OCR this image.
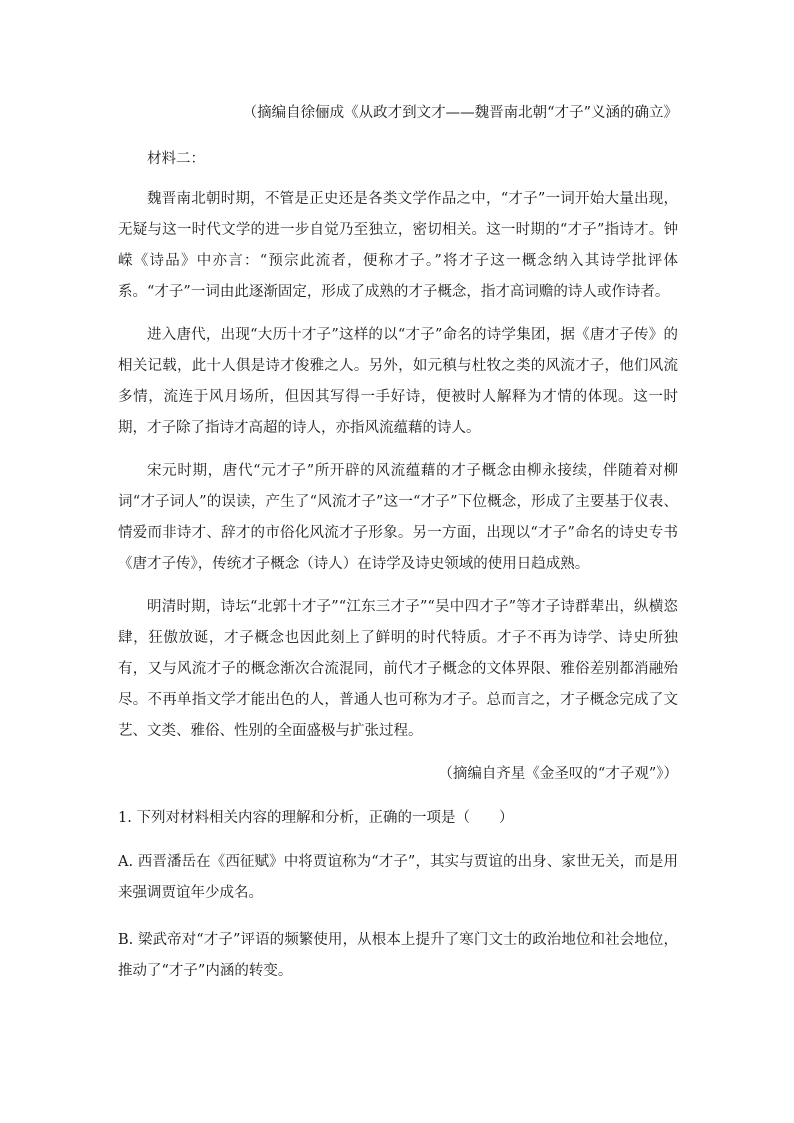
（摘编自徐俪成《从政才到文才——魏晋南北朝“才子”义涵的确立》

材料二：

魏晋南北朝时期，不管是正史还是各类文学作品之中，“才子”一词开始大量出现，无疑与这一时代文学的进一步自觉乃至独立，密切相关。这一时期的“才子”指诗才。钟嵘《诗品》中亦言：“预宗此流者，便称才子。”将才子这一概念纳入其诗学批评体系。“才子”一词由此逐渐固定，形成了成熟的才子概念，指才高词赡的诗人或作诗者。

进入唐代，出现“大历十才子”这样的以“才子”命名的诗学集团，据《唐才子传》的相关记载，此十人俱是诗才俊雅之人。另外，如元稹与杜牧之类的风流才子，他们风流多情，流连于风月场所，但因其写得一手好诗，便被时人解释为才情的体现。这一时期，才子除了指诗才高超的诗人，亦指风流蕴藉的诗人。

宋元时期，唐代“元才子”所开辟的风流蕴藉的才子概念由柳永接续，伴随着对柳词“才子词人”的误读，产生了“风流才子”这一“才子”下位概念，形成了主要基于仪表、情爱而非诗才、辞才的市俗化风流才子形象。另一方面，出现以“才子”命名的诗史专书《唐才子传》，传统才子概念（诗人）在诗学及诗史领域的使用日趋成熟。

明清时期，诗坛“北郭十才子”“江东三才子”“吴中四才子”等才子诗群辈出，纵横恣肆，狂傲放诞，才子概念也因此刻上了鲜明的时代特质。才子不再为诗学、诗史所独有，又与风流才子的概念渐次合流混同，前代才子概念的文体界限、雅俗差别都消融殆尽。不再单指文学才能出色的人，普通人也可称为才子。总而言之，才子概念完成了文艺、文类、雅俗、性别的全面盛极与扩张过程。

（摘编自齐星《金圣叹的“才子观”》）

1. 下列对材料相关内容的理解和分析，正确的一项是（　　）

A. 西晋潘岳在《西征赋》中将贾谊称为“才子”，其实与贾谊的出身、家世无关，而是用来强调贾谊年少成名。

B. 梁武帝对“才子”评语的频繁使用，从根本上提升了寒门文士的政治地位和社会地位，推动了“才子”内涵的转变。
